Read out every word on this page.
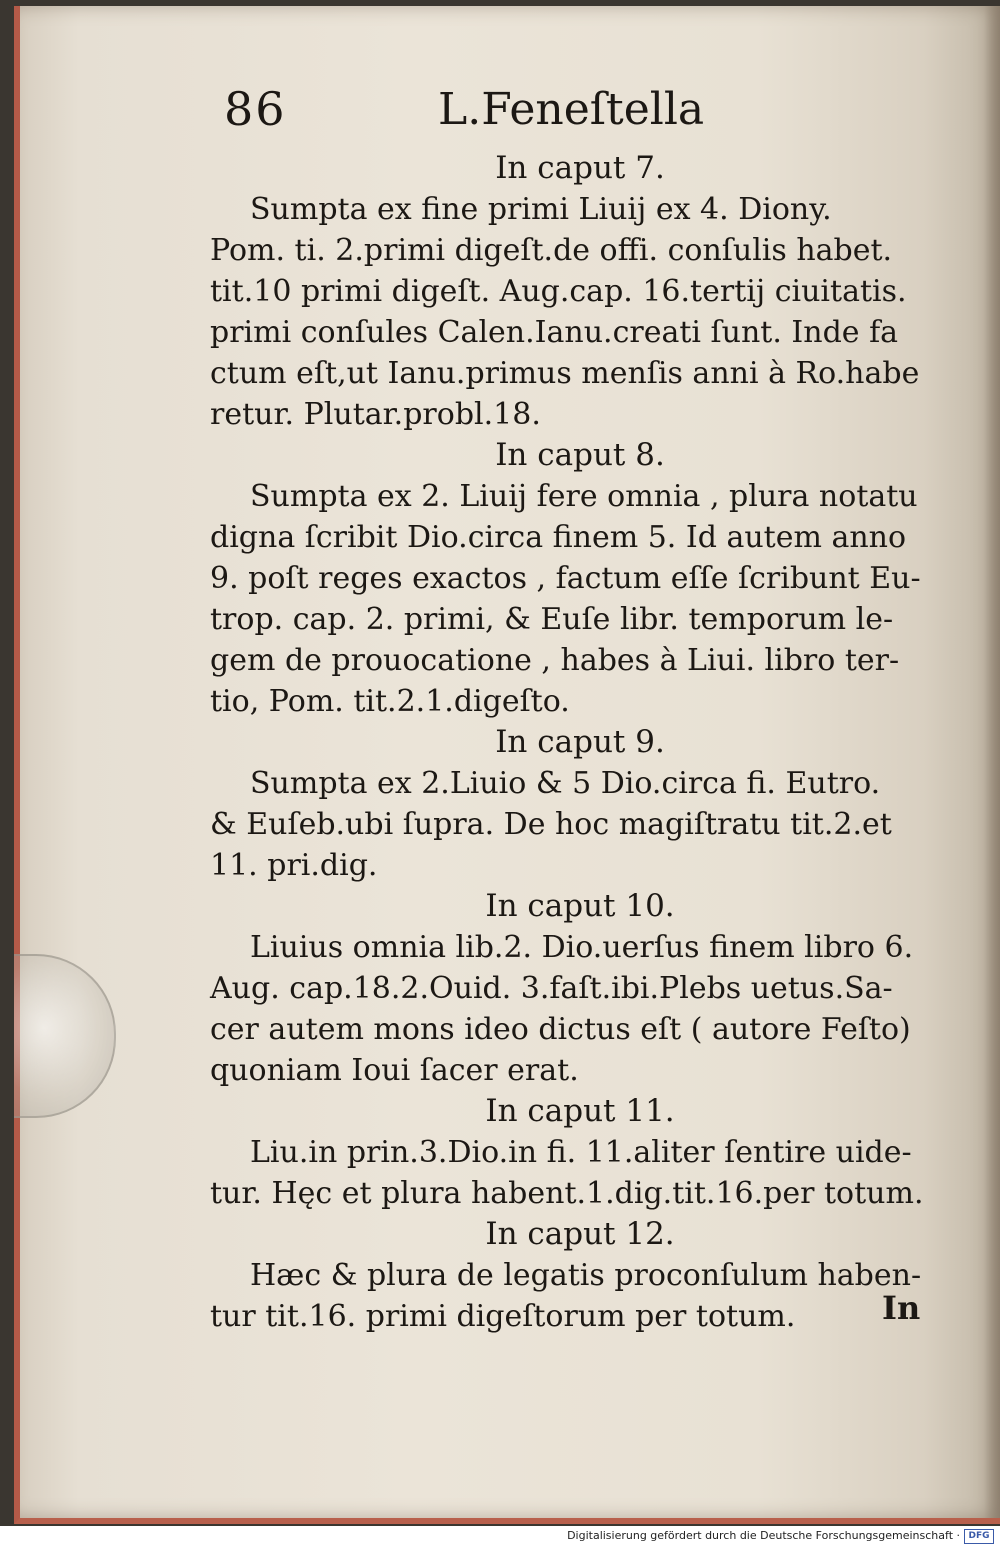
86	L.Feneſtella
In caput 7.
Sumpta ex fine primi Liuij ex 4. Diony.
Pom. ti. 2.primi digeſt.de offi. conſulis habet.
tit.10 primi digeſt. Aug.cap. 16.tertij ciuitatis.
primi conſules Calen.Ianu.creati ſunt. Inde fa
ctum eſt,ut Ianu.primus menſis anni à Ro.habe
retur. Plutar.probl.18.
In caput 8.
Sumpta ex 2. Liuij fere omnia , plura notatu
digna ſcribit Dio.circa finem 5. Id autem anno
9. poſt reges exactos , factum eſſe ſcribunt Eu-
trop. cap. 2. primi, & Euſe libr. temporum le-
gem de prouocatione , habes à Liui. libro ter-
tio, Pom. tit.2.1.digeſto.
In caput 9.
Sumpta ex 2.Liuio & 5 Dio.circa fi. Eutro.
& Euſeb.ubi ſupra. De hoc magiſtratu tit.2.et
11. pri.dig.
In caput 10.
Liuius omnia lib.2. Dio.uerſus finem libro 6.
Aug. cap.18.2.Ouid. 3.faſt.ibi.Plebs uetus.Sa-
cer autem mons ideo dictus eſt ( autore Feſto)
quoniam Ioui ſacer erat.
In caput 11.
Liu.in prin.3.Dio.in fi. 11.aliter ſentire uide-
tur. Hęc et plura habent.1.dig.tit.16.per totum.
In caput 12.
Hæc & plura de legatis proconſulum haben-
tur tit.16. primi digeſtorum per totum.	In
Digitalisierung gefördert durch die Deutsche Forschungsgemeinschaft · DFG
